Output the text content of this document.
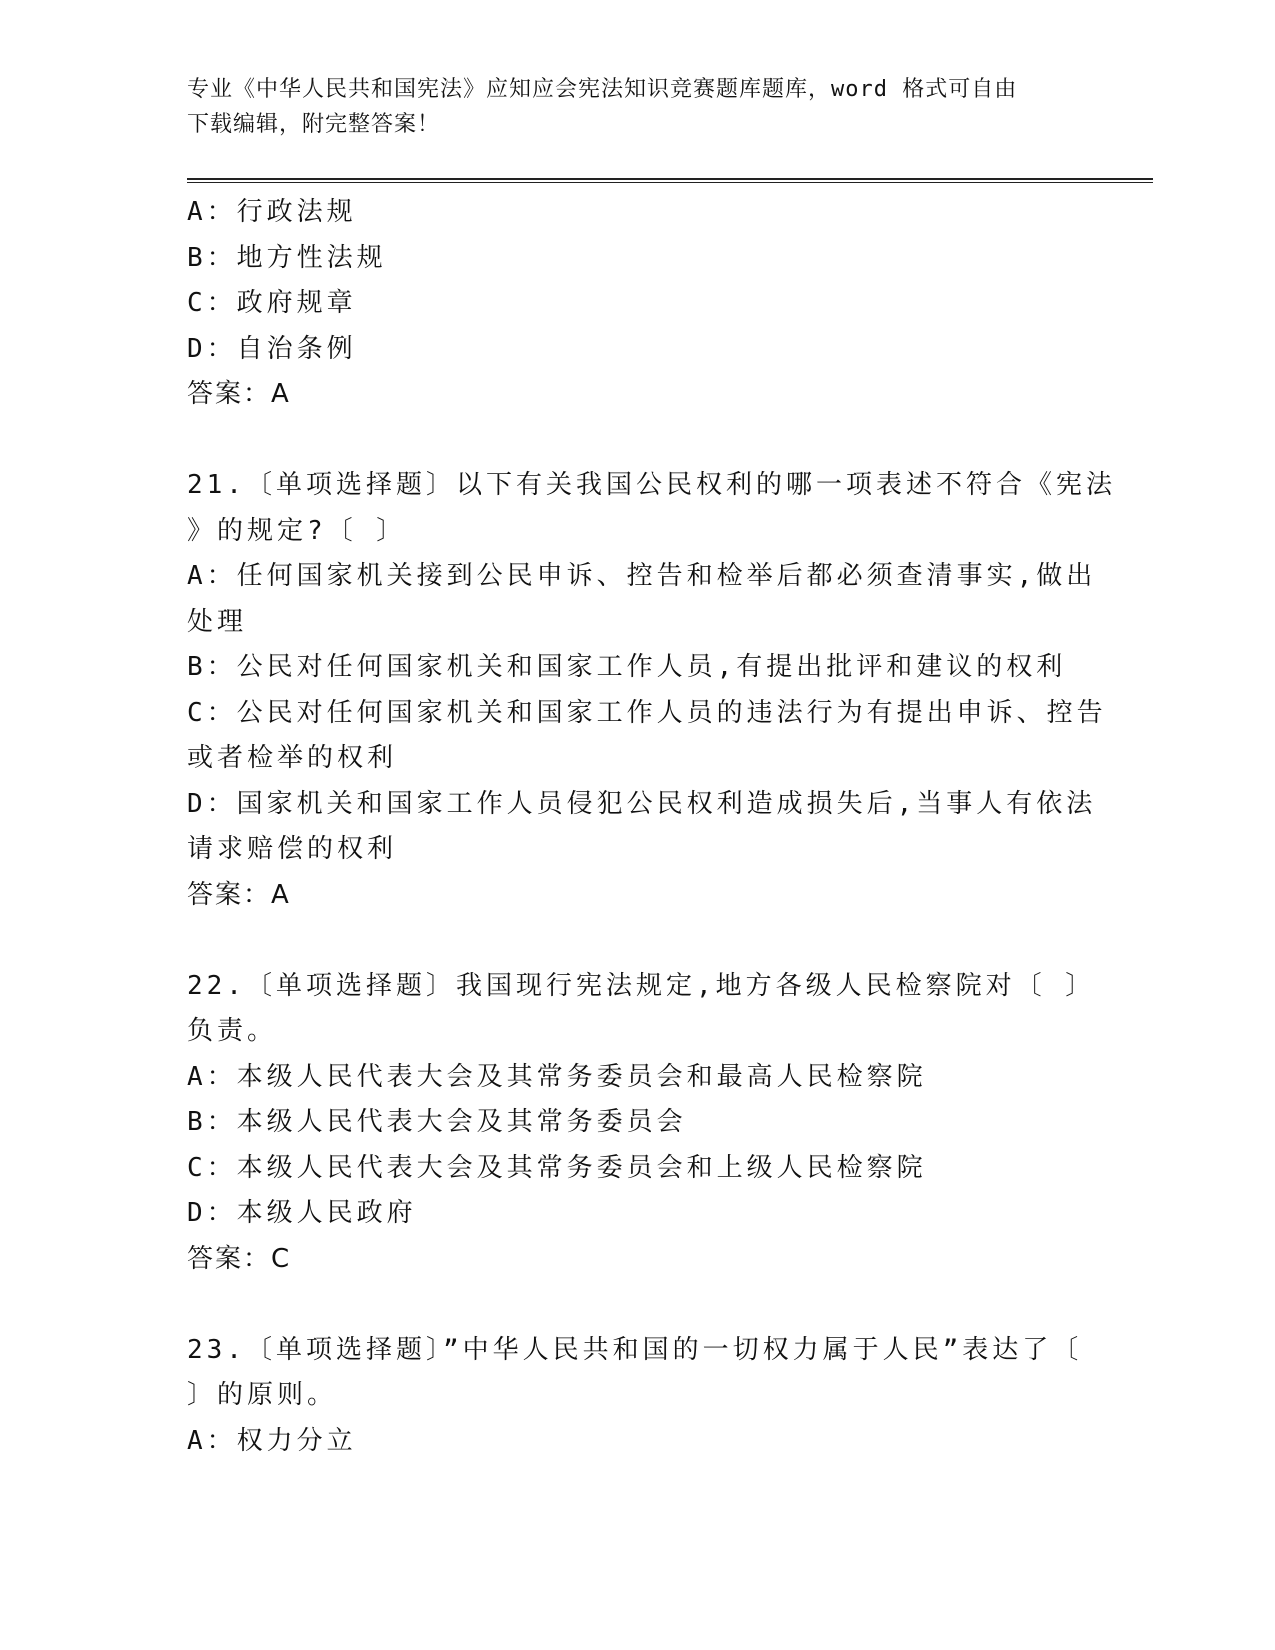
专业《中华人民共和国宪法》应知应会宪法知识竞赛题库题库，word 格式可自由
下载编辑，附完整答案！
A：行政法规
B：地方性法规
C：政府规章
D：自治条例
答案：A
21.〔单项选择题〕以下有关我国公民权利的哪一项表述不符合《宪法
》的规定?〔 〕
A：任何国家机关接到公民申诉、控告和检举后都必须查清事实,做出
处理
B：公民对任何国家机关和国家工作人员,有提出批评和建议的权利
C：公民对任何国家机关和国家工作人员的违法行为有提出申诉、控告
或者检举的权利
D：国家机关和国家工作人员侵犯公民权利造成损失后,当事人有依法
请求赔偿的权利
答案：A
22.〔单项选择题〕我国现行宪法规定,地方各级人民检察院对〔 〕
负责。
A：本级人民代表大会及其常务委员会和最高人民检察院
B：本级人民代表大会及其常务委员会
C：本级人民代表大会及其常务委员会和上级人民检察院
D：本级人民政府
答案：C
23.〔单项选择题〕”中华人民共和国的一切权力属于人民”表达了〔
〕的原则。
A：权力分立
